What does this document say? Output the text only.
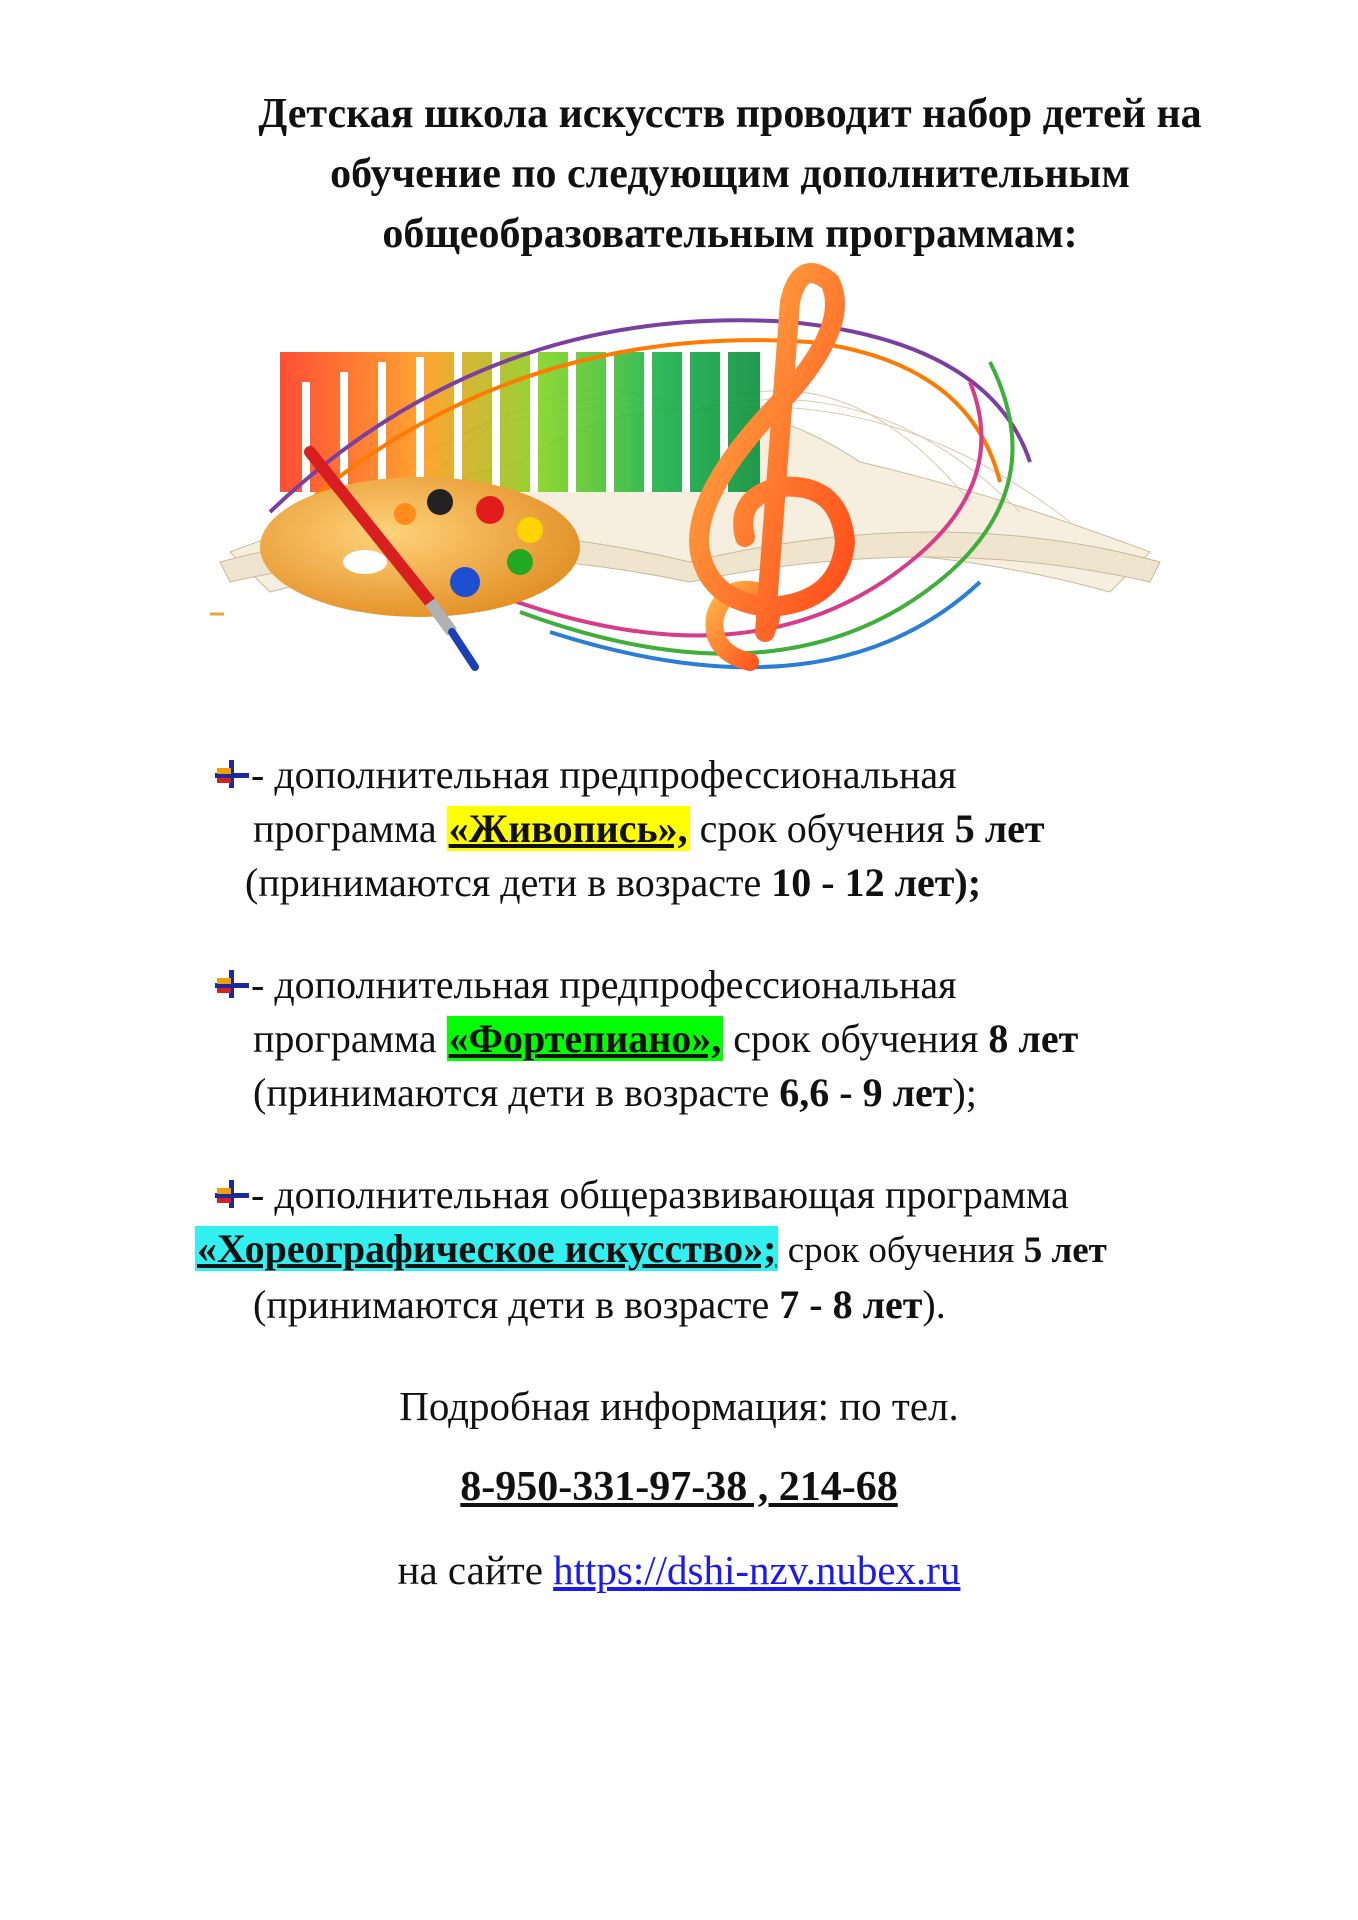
Детская школа искусств проводит набор детей на
обучение по следующим дополнительным
общеобразовательным программам:
- дополнительная предпрофессиональная
программа «Живопись», срок обучения 5 лет
(принимаются дети в возрасте 10 - 12 лет);
- дополнительная предпрофессиональная
программа «Фортепиано», срок обучения 8 лет
(принимаются дети в возрасте 6,6 - 9 лет);
- дополнительная общеразвивающая программа
«Хореографическое искусство»; срок обучения 5 лет
(принимаются дети в возрасте 7 - 8 лет).
Подробная информация: по тел.
8-950-331-97-38 , 214-68
на сайте https://dshi-nzv.nubex.ru
